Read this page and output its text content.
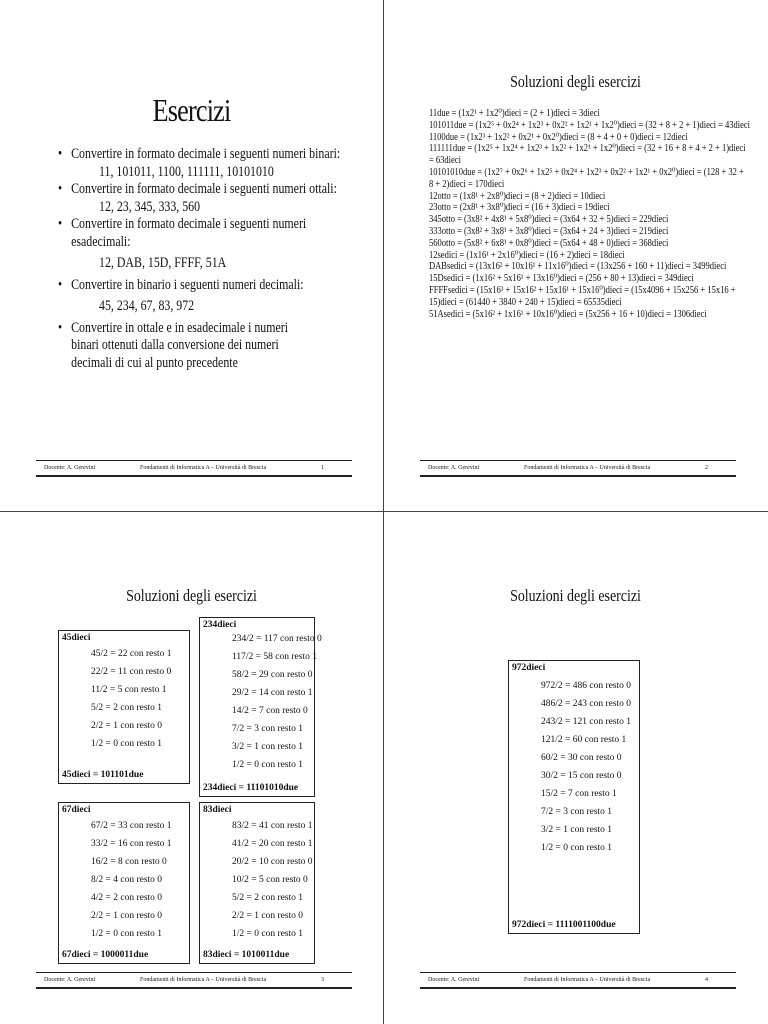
Esercizi
• Convertire in formato decimale i seguenti numeri binari:
11, 101011, 1100, 111111, 10101010
• Convertire in formato decimale i seguenti numeri ottali:
12, 23, 345, 333, 560
• Convertire in formato decimale i seguenti numeri esadecimali:
12, DAB, 15D, FFFF, 51A
• Convertire in binario i seguenti numeri decimali:
45, 234, 67, 83, 972
• Convertire in ottale e in esadecimale i numeri binari ottenuti dalla conversione dei numeri decimali di cui al punto precedente
Docente: A. Gerevini	Fondamenti di Informatica A – Università di Brescia	1
Soluzioni degli esercizi
11due = (1x2¹ + 1x2⁰)dieci = (2 + 1)dieci = 3dieci
101011due = (1x2⁵ + 0x2⁴ + 1x2³ + 0x2² + 1x2¹ + 1x2⁰)dieci = (32 + 8 + 2 + 1)dieci = 43dieci
1100due = (1x2³ + 1x2² + 0x2¹ + 0x2⁰)dieci = (8 + 4 + 0 + 0)dieci = 12dieci
111111due = (1x2⁵ + 1x2⁴ + 1x2³ + 1x2² + 1x2¹ + 1x2⁰)dieci = (32 + 16 + 8 + 4 + 2 + 1)dieci
= 63dieci
10101010due = (1x2⁷ + 0x2⁶ + 1x2⁵ + 0x2⁴ + 1x2³ + 0x2² + 1x2¹ + 0x2⁰)dieci = (128 + 32 +
8 + 2)dieci = 170dieci
12otto = (1x8¹ + 2x8⁰)dieci = (8 + 2)dieci = 10dieci
23otto = (2x8¹ + 3x8⁰)dieci = (16 + 3)dieci = 19dieci
345otto = (3x8² + 4x8¹ + 5x8⁰)dieci = (3x64 + 32 + 5)dieci = 229dieci
333otto = (3x8² + 3x8¹ + 3x8⁰)dieci = (3x64 + 24 + 3)dieci = 219dieci
560otto = (5x8² + 6x8¹ + 0x8⁰)dieci = (5x64 + 48 + 0)dieci = 368dieci
12sedici = (1x16¹ + 2x16⁰)dieci = (16 + 2)dieci = 18dieci
DABsedici = (13x16² + 10x16¹ + 11x16⁰)dieci = (13x256 + 160 + 11)dieci = 3499dieci
15Dsedici = (1x16² + 5x16¹ + 13x16⁰)dieci = (256 + 80 + 13)dieci = 349dieci
FFFFsedici = (15x16³ + 15x16² + 15x16¹ + 15x16⁰)dieci = (15x4096 + 15x256 + 15x16 +
15)dieci = (61440 + 3840 + 240 + 15)dieci = 65535dieci
51Asedici = (5x16² + 1x16¹ + 10x16⁰)dieci = (5x256 + 16 + 10)dieci = 1306dieci
Docente: A. Gerevini	Fondamenti di Informatica A – Università di Brescia	2
Soluzioni degli esercizi
45dieci
45/2 = 22 con resto 1
22/2 = 11 con resto 0
11/2 = 5 con resto 1
5/2 = 2 con resto 1
2/2 = 1 con resto 0
1/2 = 0 con resto 1
45dieci = 101101due
234dieci
234/2 = 117 con resto 0
117/2 = 58 con resto 1
58/2 = 29 con resto 0
29/2 = 14 con resto 1
14/2 = 7 con resto 0
7/2 = 3 con resto 1
3/2 = 1 con resto 1
1/2 = 0 con resto 1
234dieci = 11101010due
67dieci
67/2 = 33 con resto 1
33/2 = 16 con resto 1
16/2 = 8 con resto 0
8/2 = 4 con resto 0
4/2 = 2 con resto 0
2/2 = 1 con resto 0
1/2 = 0 con resto 1
67dieci = 1000011due
83dieci
83/2 = 41 con resto 1
41/2 = 20 con resto 1
20/2 = 10 con resto 0
10/2 = 5 con resto 0
5/2 = 2 con resto 1
2/2 = 1 con resto 0
1/2 = 0 con resto 1
83dieci = 1010011due
Docente: A. Gerevini	Fondamenti di Informatica A – Università di Brescia	3
Soluzioni degli esercizi
972dieci
972/2 = 486 con resto 0
486/2 = 243 con resto 0
243/2 = 121 con resto 1
121/2 = 60 con resto 1
60/2 = 30 con resto 0
30/2 = 15 con resto 0
15/2 = 7 con resto 1
7/2 = 3 con resto 1
3/2 = 1 con resto 1
1/2 = 0 con resto 1
972dieci = 1111001100due
Docente: A. Gerevini	Fondamenti di Informatica A – Università di Brescia	4
